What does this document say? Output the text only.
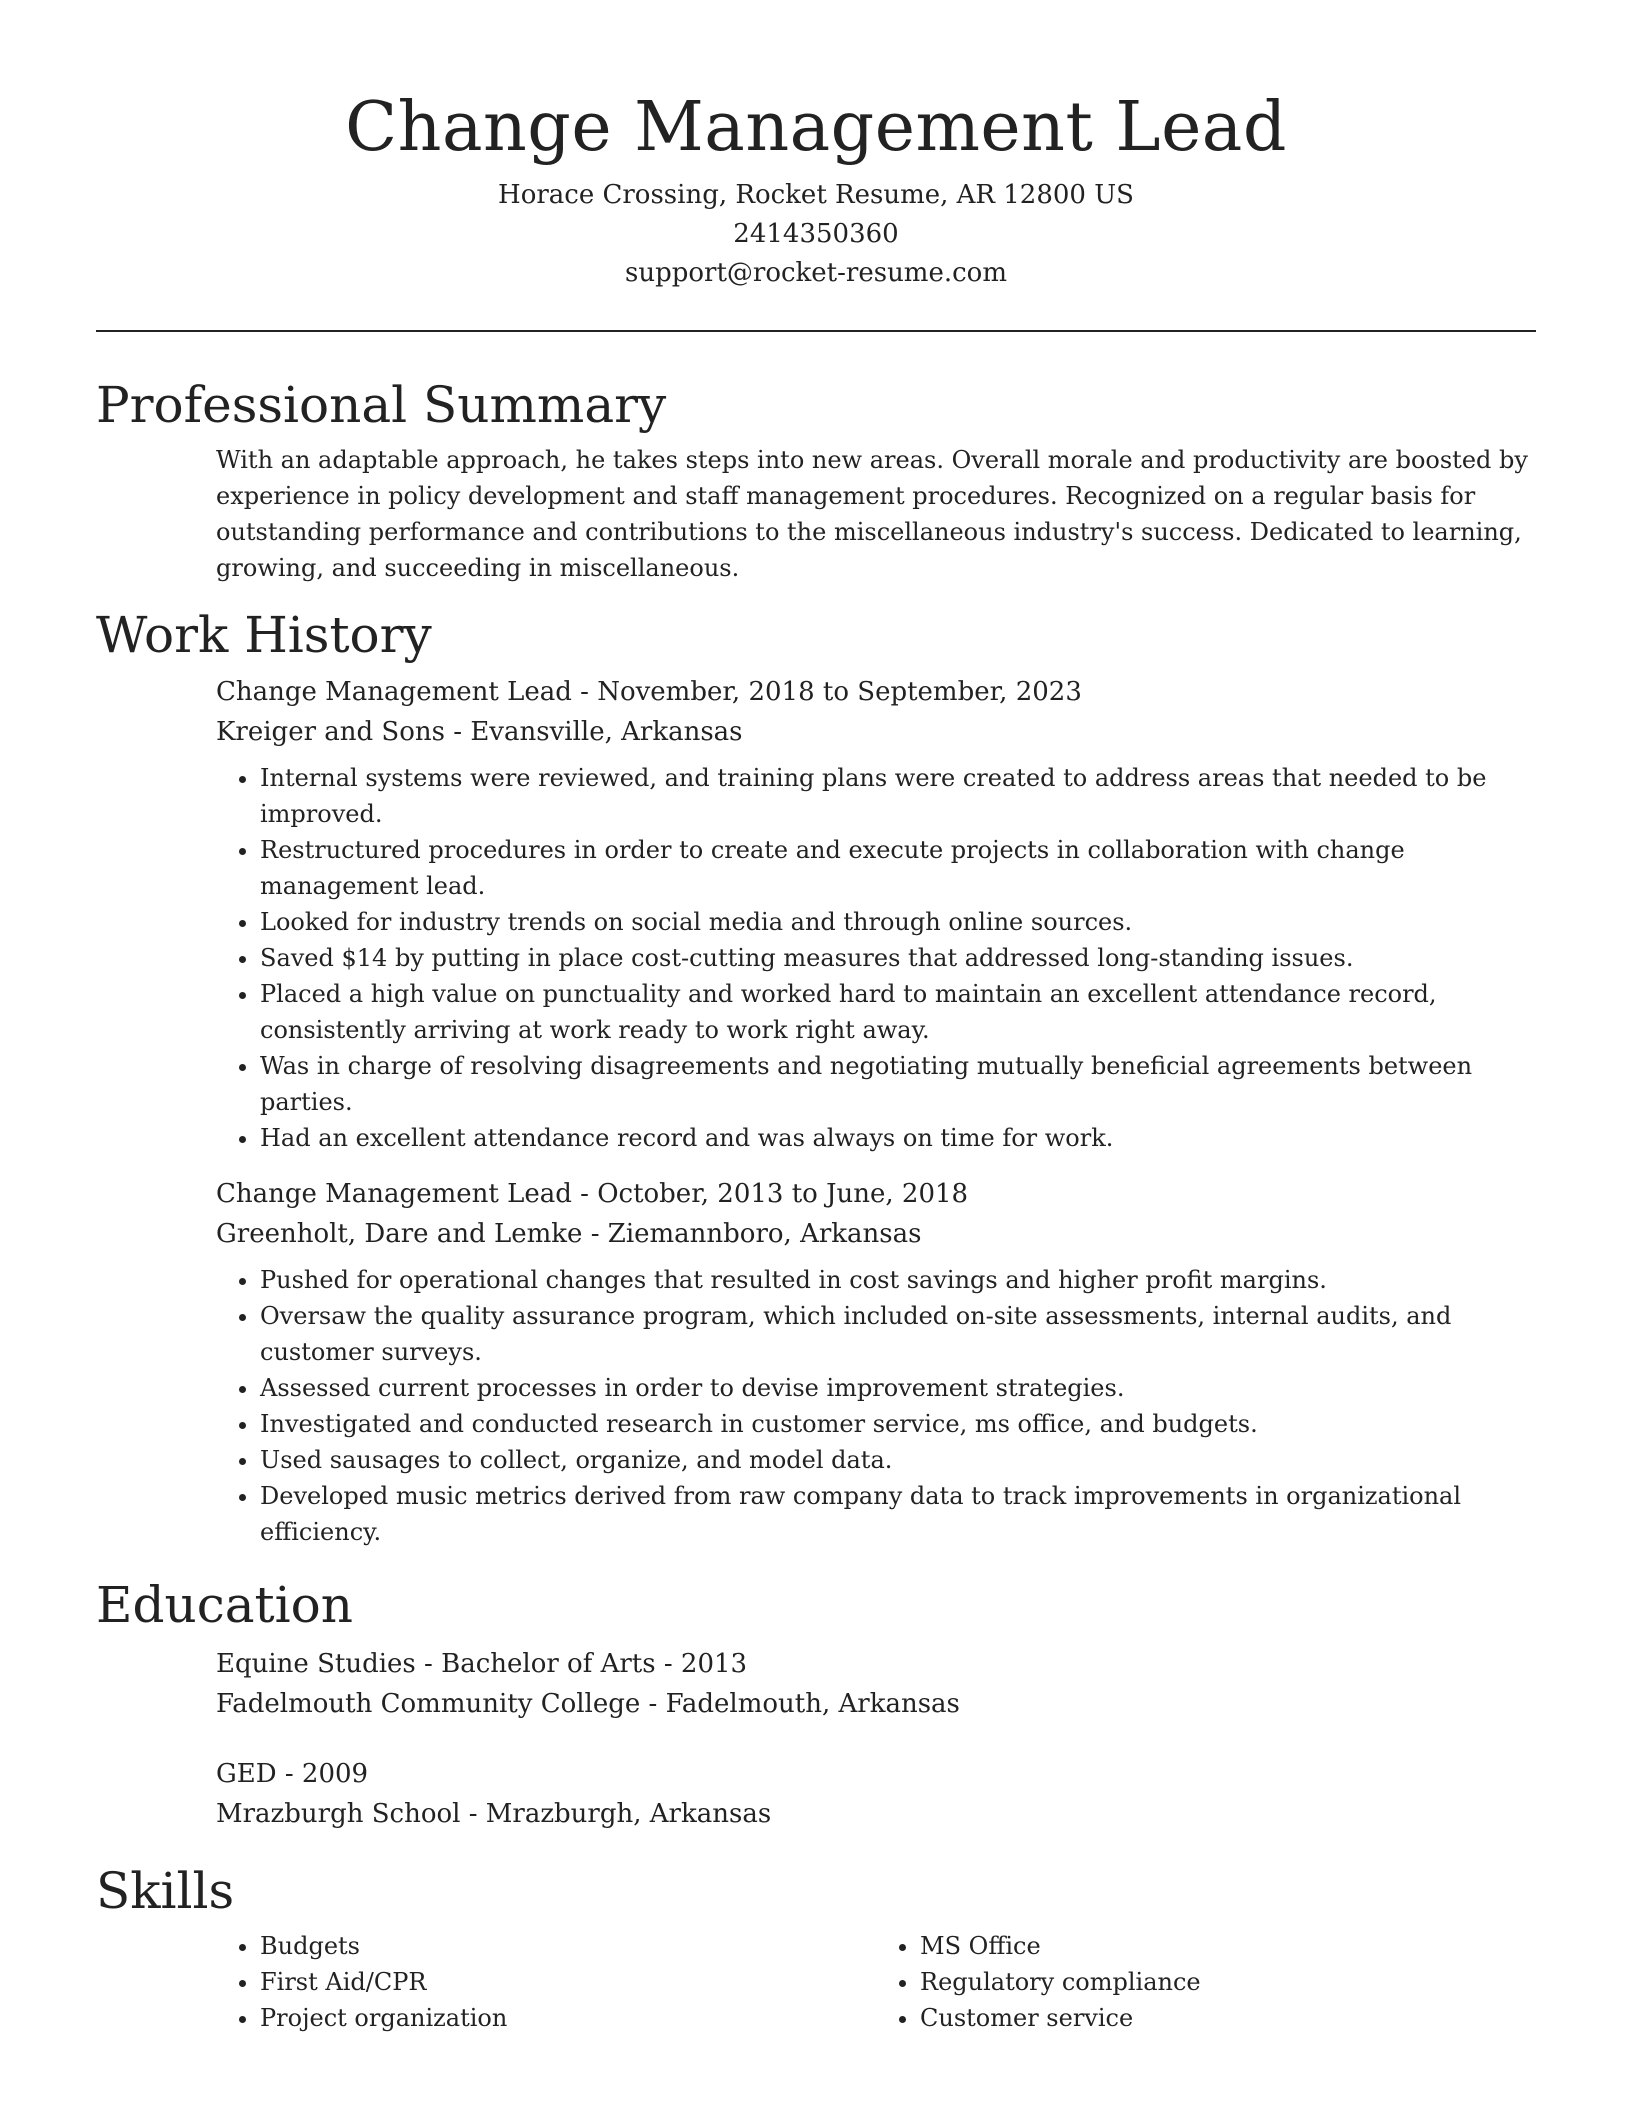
Change Management Lead
Horace Crossing, Rocket Resume, AR 12800 US
2414350360
support@rocket-resume.com
Professional Summary
With an adaptable approach, he takes steps into new areas. Overall morale and productivity are boosted by experience in policy development and staff management procedures. Recognized on a regular basis for outstanding performance and contributions to the miscellaneous industry's success. Dedicated to learning, growing, and succeeding in miscellaneous.
Work History
Change Management Lead - November, 2018 to September, 2023
Kreiger and Sons - Evansville, Arkansas
• Internal systems were reviewed, and training plans were created to address areas that needed to be improved.
• Restructured procedures in order to create and execute projects in collaboration with change management lead.
• Looked for industry trends on social media and through online sources.
• Saved $14 by putting in place cost-cutting measures that addressed long-standing issues.
• Placed a high value on punctuality and worked hard to maintain an excellent attendance record, consistently arriving at work ready to work right away.
• Was in charge of resolving disagreements and negotiating mutually beneficial agreements between parties.
• Had an excellent attendance record and was always on time for work.
Change Management Lead - October, 2013 to June, 2018
Greenholt, Dare and Lemke - Ziemannboro, Arkansas
• Pushed for operational changes that resulted in cost savings and higher profit margins.
• Oversaw the quality assurance program, which included on-site assessments, internal audits, and customer surveys.
• Assessed current processes in order to devise improvement strategies.
• Investigated and conducted research in customer service, ms office, and budgets.
• Used sausages to collect, organize, and model data.
• Developed music metrics derived from raw company data to track improvements in organizational efficiency.
Education
Equine Studies - Bachelor of Arts - 2013
Fadelmouth Community College - Fadelmouth, Arkansas
GED - 2009
Mrazburgh School - Mrazburgh, Arkansas
Skills
• Budgets
• First Aid/CPR
• Project organization
• MS Office
• Regulatory compliance
• Customer service
